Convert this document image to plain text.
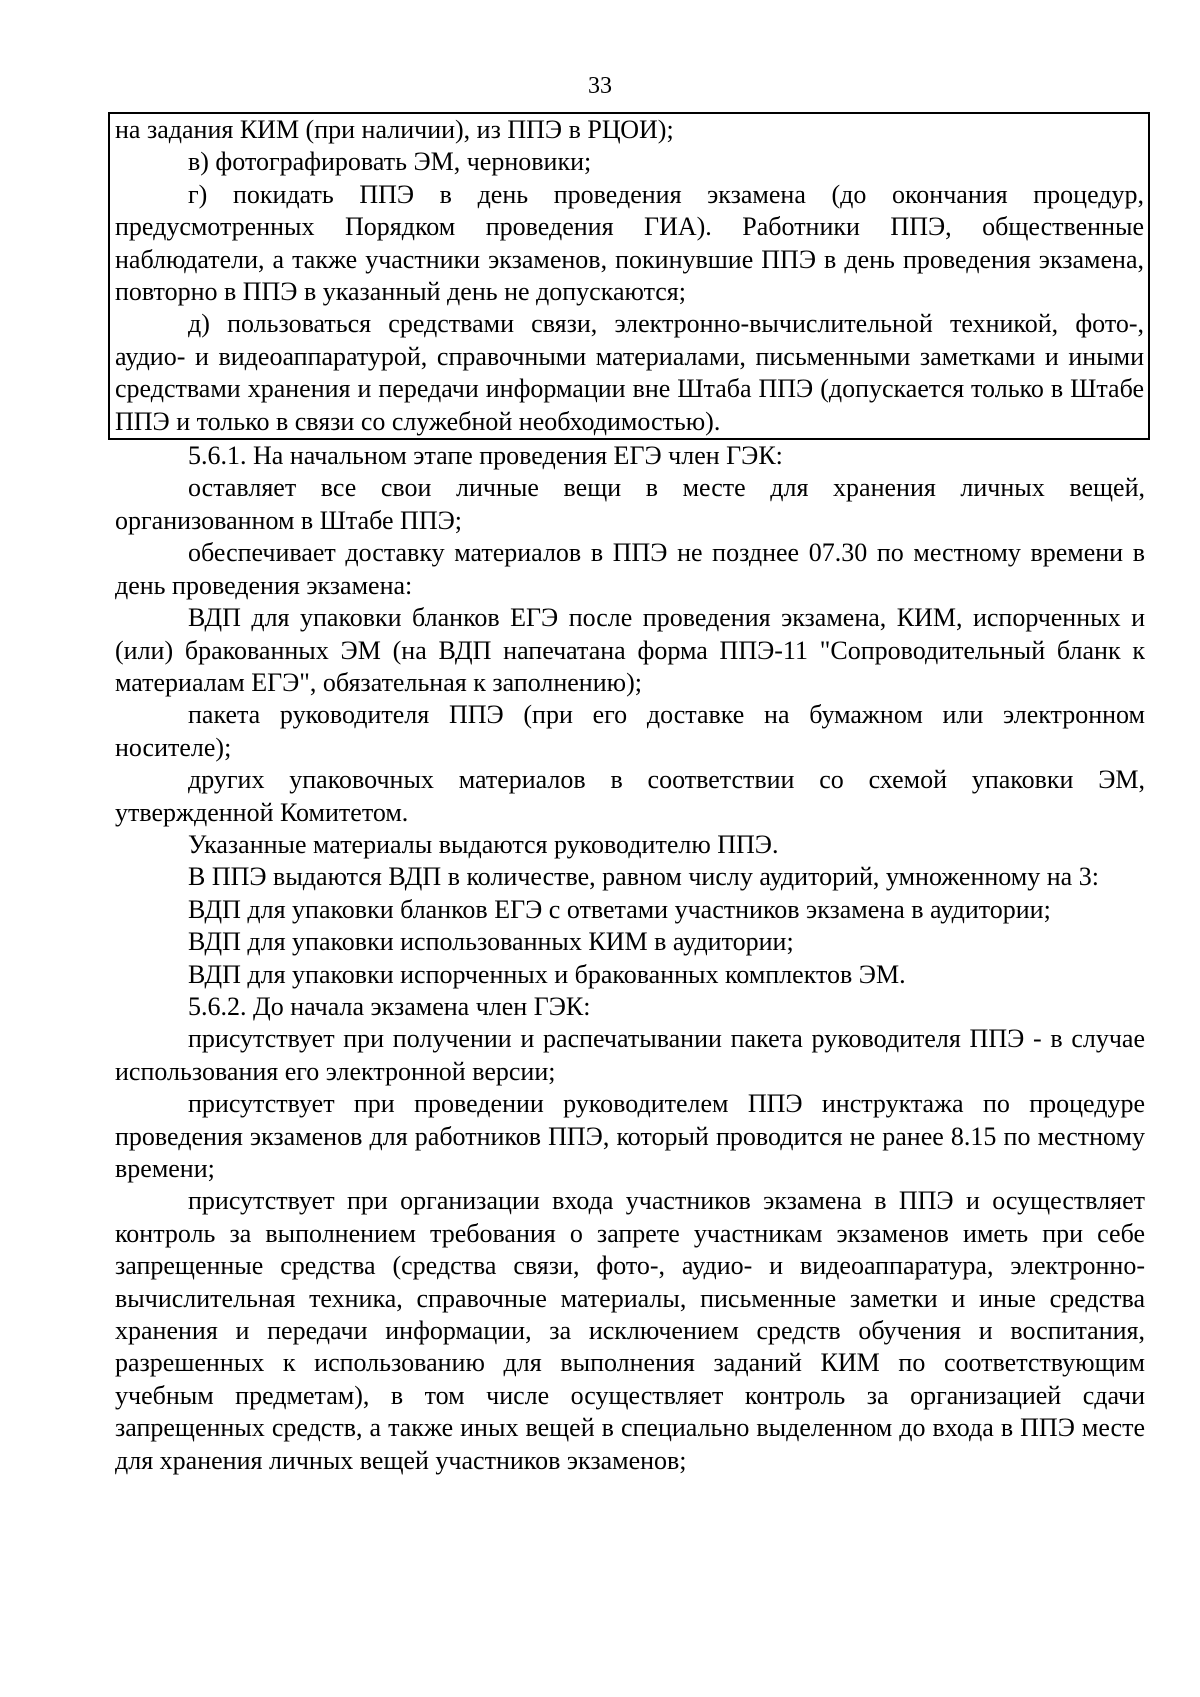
33

на задания КИМ (при наличии), из ППЭ в РЦОИ);

в) фотографировать ЭМ, черновики;

г) покидать ППЭ в день проведения экзамена (до окончания процедур, предусмотренных Порядком проведения ГИА). Работники ППЭ, общественные наблюдатели, а также участники экзаменов, покинувшие ППЭ в день проведения экзамена, повторно в ППЭ в указанный день не допускаются;

д) пользоваться средствами связи, электронно-вычислительной техникой, фото-, аудио- и видеоаппаратурой, справочными материалами, письменными заметками и иными средствами хранения и передачи информации вне Штаба ППЭ (допускается только в Штабе ППЭ и только в связи со служебной необходимостью).

5.6.1. На начальном этапе проведения ЕГЭ член ГЭК:

оставляет все свои личные вещи в месте для хранения личных вещей, организованном в Штабе ППЭ;

обеспечивает доставку материалов в ППЭ не позднее 07.30 по местному времени в день проведения экзамена:

ВДП для упаковки бланков ЕГЭ после проведения экзамена, КИМ, испорченных и (или) бракованных ЭМ (на ВДП напечатана форма ППЭ-11 "Сопроводительный бланк к материалам ЕГЭ", обязательная к заполнению);

пакета руководителя ППЭ (при его доставке на бумажном или электронном носителе);

других упаковочных материалов в соответствии со схемой упаковки ЭМ, утвержденной Комитетом.

Указанные материалы выдаются руководителю ППЭ.

В ППЭ выдаются ВДП в количестве, равном числу аудиторий, умноженному на 3:

ВДП для упаковки бланков ЕГЭ с ответами участников экзамена в аудитории;

ВДП для упаковки использованных КИМ в аудитории;

ВДП для упаковки испорченных и бракованных комплектов ЭМ.

5.6.2. До начала экзамена член ГЭК:

присутствует при получении и распечатывании пакета руководителя ППЭ - в случае использования его электронной версии;

присутствует при проведении руководителем ППЭ инструктажа по процедуре проведения экзаменов для работников ППЭ, который проводится не ранее 8.15 по местному времени;

присутствует при организации входа участников экзамена в ППЭ и осуществляет контроль за выполнением требования о запрете участникам экзаменов иметь при себе запрещенные средства (средства связи, фото-, аудио- и видеоаппаратура, электронно-вычислительная техника, справочные материалы, письменные заметки и иные средства хранения и передачи информации, за исключением средств обучения и воспитания, разрешенных к использованию для выполнения заданий КИМ по соответствующим учебным предметам), в том числе осуществляет контроль за организацией сдачи запрещенных средств, а также иных вещей в специально выделенном до входа в ППЭ месте для хранения личных вещей участников экзаменов;
